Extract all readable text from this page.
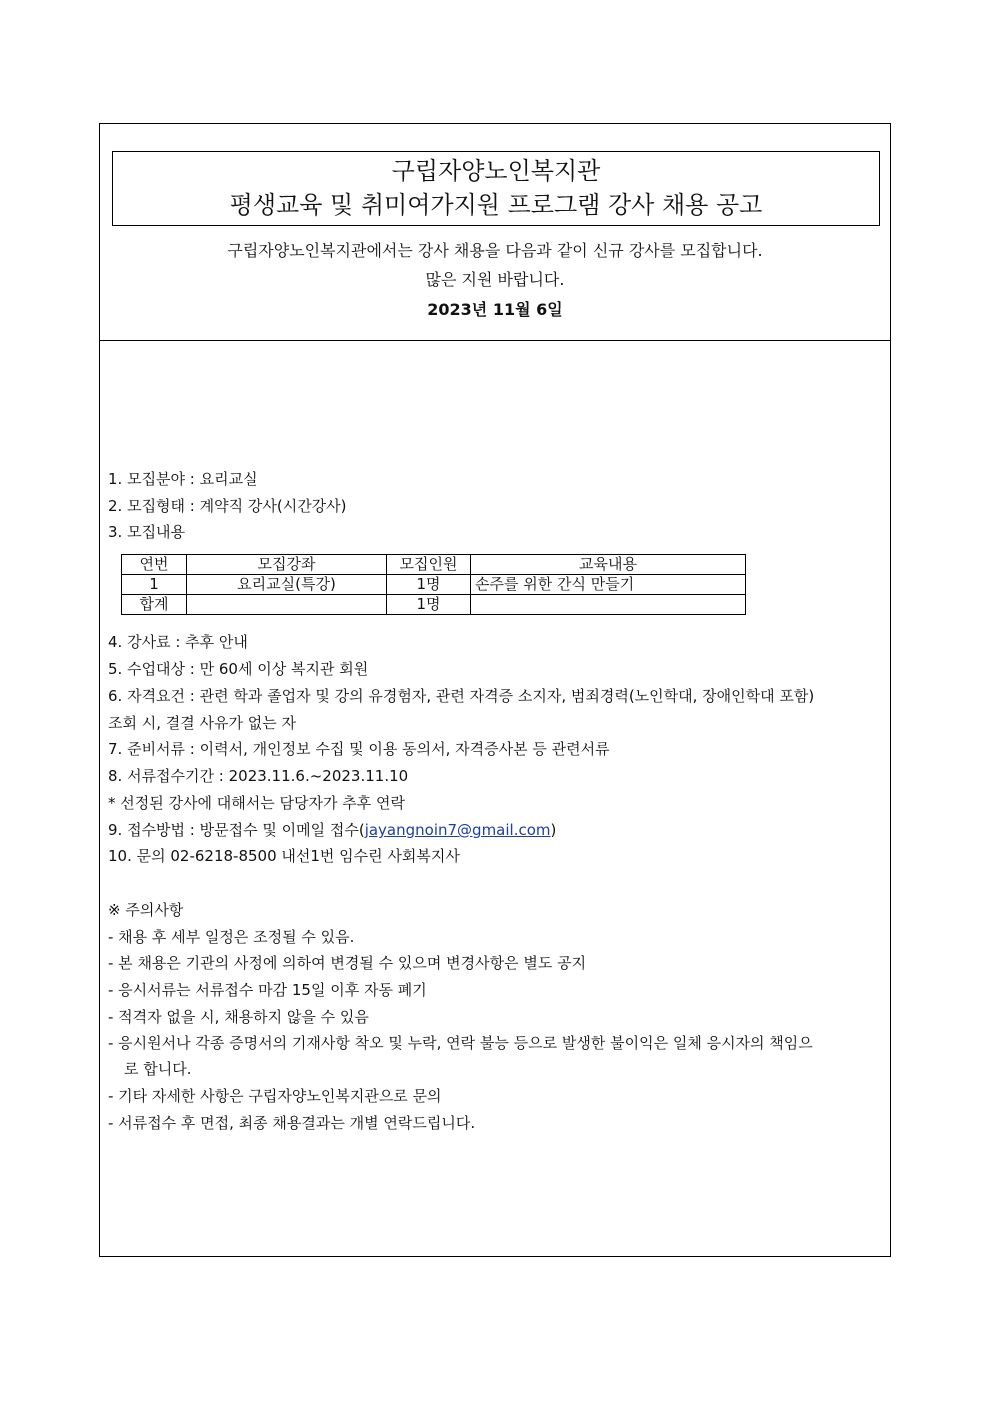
구립자양노인복지관
평생교육 및 취미여가지원 프로그램 강사 채용 공고
구립자양노인복지관에서는 강사 채용을 다음과 같이 신규 강사를 모집합니다.
많은 지원 바랍니다.
2023년 11월 6일
1. 모집분야 : 요리교실
2. 모집형태 : 계약직 강사(시간강사)
3. 모집내용
연번	모집강좌	모집인원	교육내용
1	요리교실(특강)	1명	손주를 위한 간식 만들기
합계		1명	
4. 강사료 : 추후 안내
5. 수업대상 : 만 60세 이상 복지관 회원
6. 자격요건 : 관련 학과 졸업자 및 강의 유경험자, 관련 자격증 소지자, 범죄경력(노인학대, 장애인학대 포함)
조회 시, 결결 사유가 없는 자
7. 준비서류 : 이력서, 개인정보 수집 및 이용 동의서, 자격증사본 등 관련서류
8. 서류접수기간 : 2023.11.6.~2023.11.10
* 선정된 강사에 대해서는 담당자가 추후 연락
9. 접수방법 : 방문접수 및 이메일 접수(jayangnoin7@gmail.com)
10. 문의 02-6218-8500 내선1번 임수린 사회복지사
※ 주의사항
- 채용 후 세부 일정은 조정될 수 있음.
- 본 채용은 기관의 사정에 의하여 변경될 수 있으며 변경사항은 별도 공지
- 응시서류는 서류접수 마감 15일 이후 자동 폐기
- 적격자 없을 시, 채용하지 않을 수 있음
- 응시원서나 각종 증명서의 기재사항 착오 및 누락, 연락 불능 등으로 발생한 불이익은 일체 응시자의 책임으
로 합니다.
- 기타 자세한 사항은 구립자양노인복지관으로 문의
- 서류접수 후 면접, 최종 채용결과는 개별 연락드립니다.
